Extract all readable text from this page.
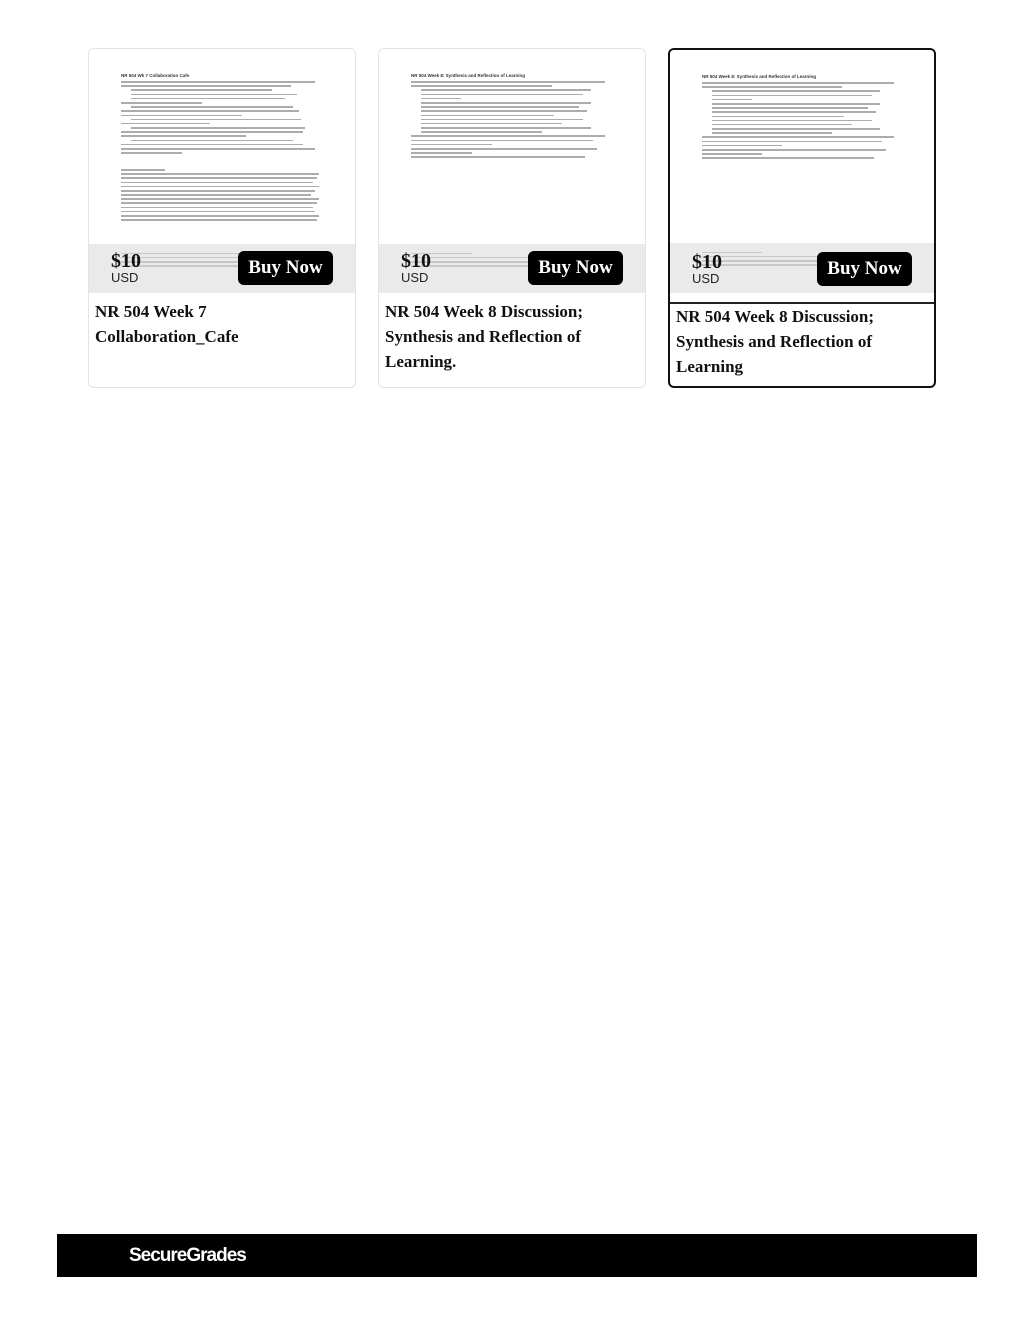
NR 504 Wk 7 Collaboration Cafe
$10
USD	Buy Now
NR 504 Week 7
Collaboration_Cafe
NR 504 Week 8: Synthesis and Reflection of Learning
$10
USD	Buy Now
NR 504 Week 8 Discussion;
Synthesis and Reflection of
Learning.
NR 504 Week 8: Synthesis and Reflection of Learning
$10
USD	Buy Now
NR 504 Week 8 Discussion;
Synthesis and Reflection of
Learning
SecureGrades
